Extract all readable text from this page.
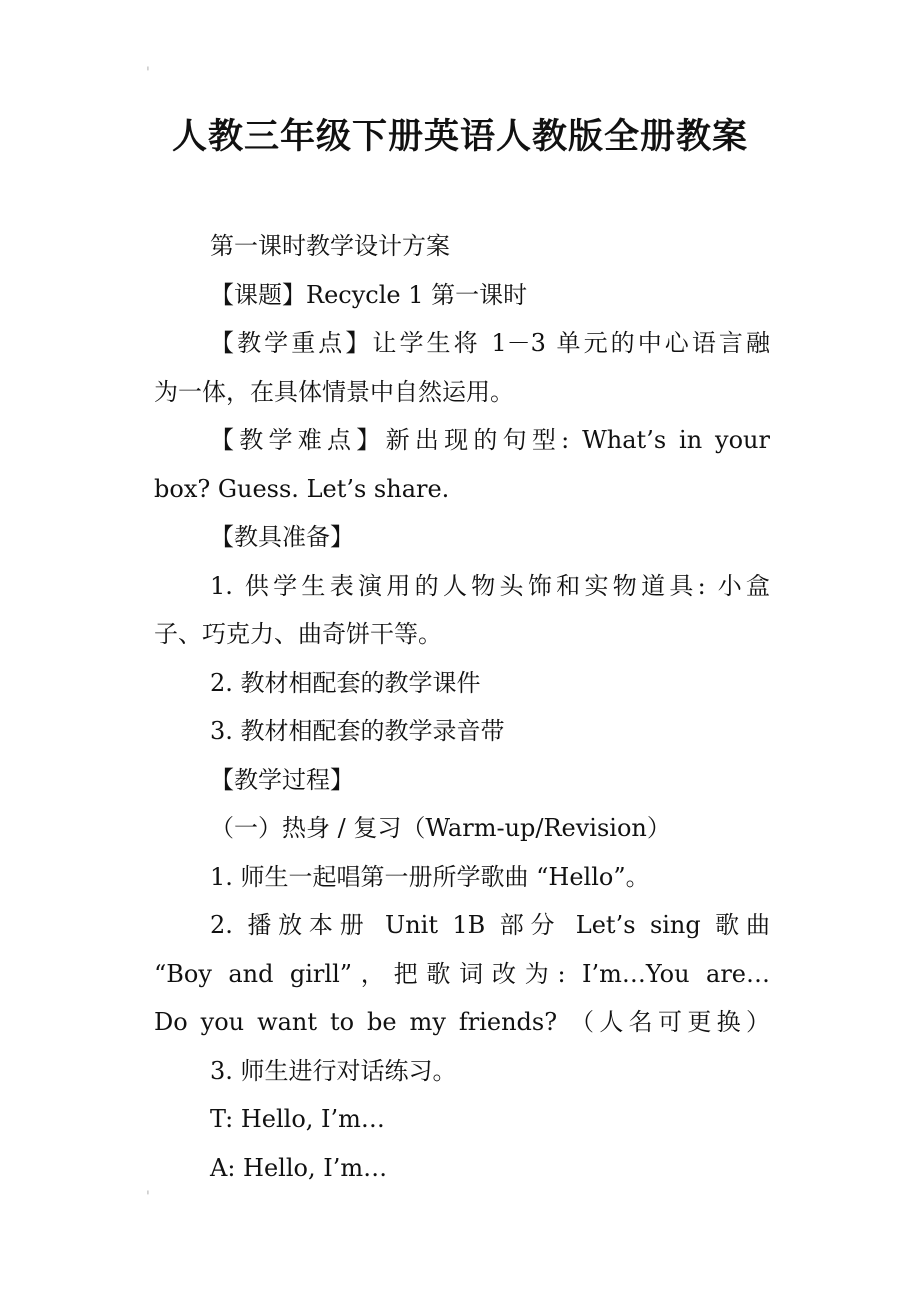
'
'
人教三年级下册英语人教版全册教案
第一课时教学设计方案
【课题】Recycle 1 第一课时
【教学重点】让学生将 1－3 单元的中心语言融
为一体，在具体情景中自然运用。
【教学难点】新出现的句型: What’s in your
box? Guess. Let’s share.
【教具准备】
1. 供学生表演用的人物头饰和实物道具: 小盒
子、巧克力、曲奇饼干等。
2. 教材相配套的教学课件
3. 教材相配套的教学录音带
【教学过程】
（一）热身 / 复习（Warm-up/Revision）
1. 师生一起唱第一册所学歌曲 “Hello”。
2. 播放本册 Unit 1B 部分 Let’s sing 歌曲
“Boy and girll”，把歌词改为: I’m…You are…
Do you want to be my friends? （人名可更换）
3. 师生进行对话练习。
T: Hello, I’m…
A: Hello, I’m…
